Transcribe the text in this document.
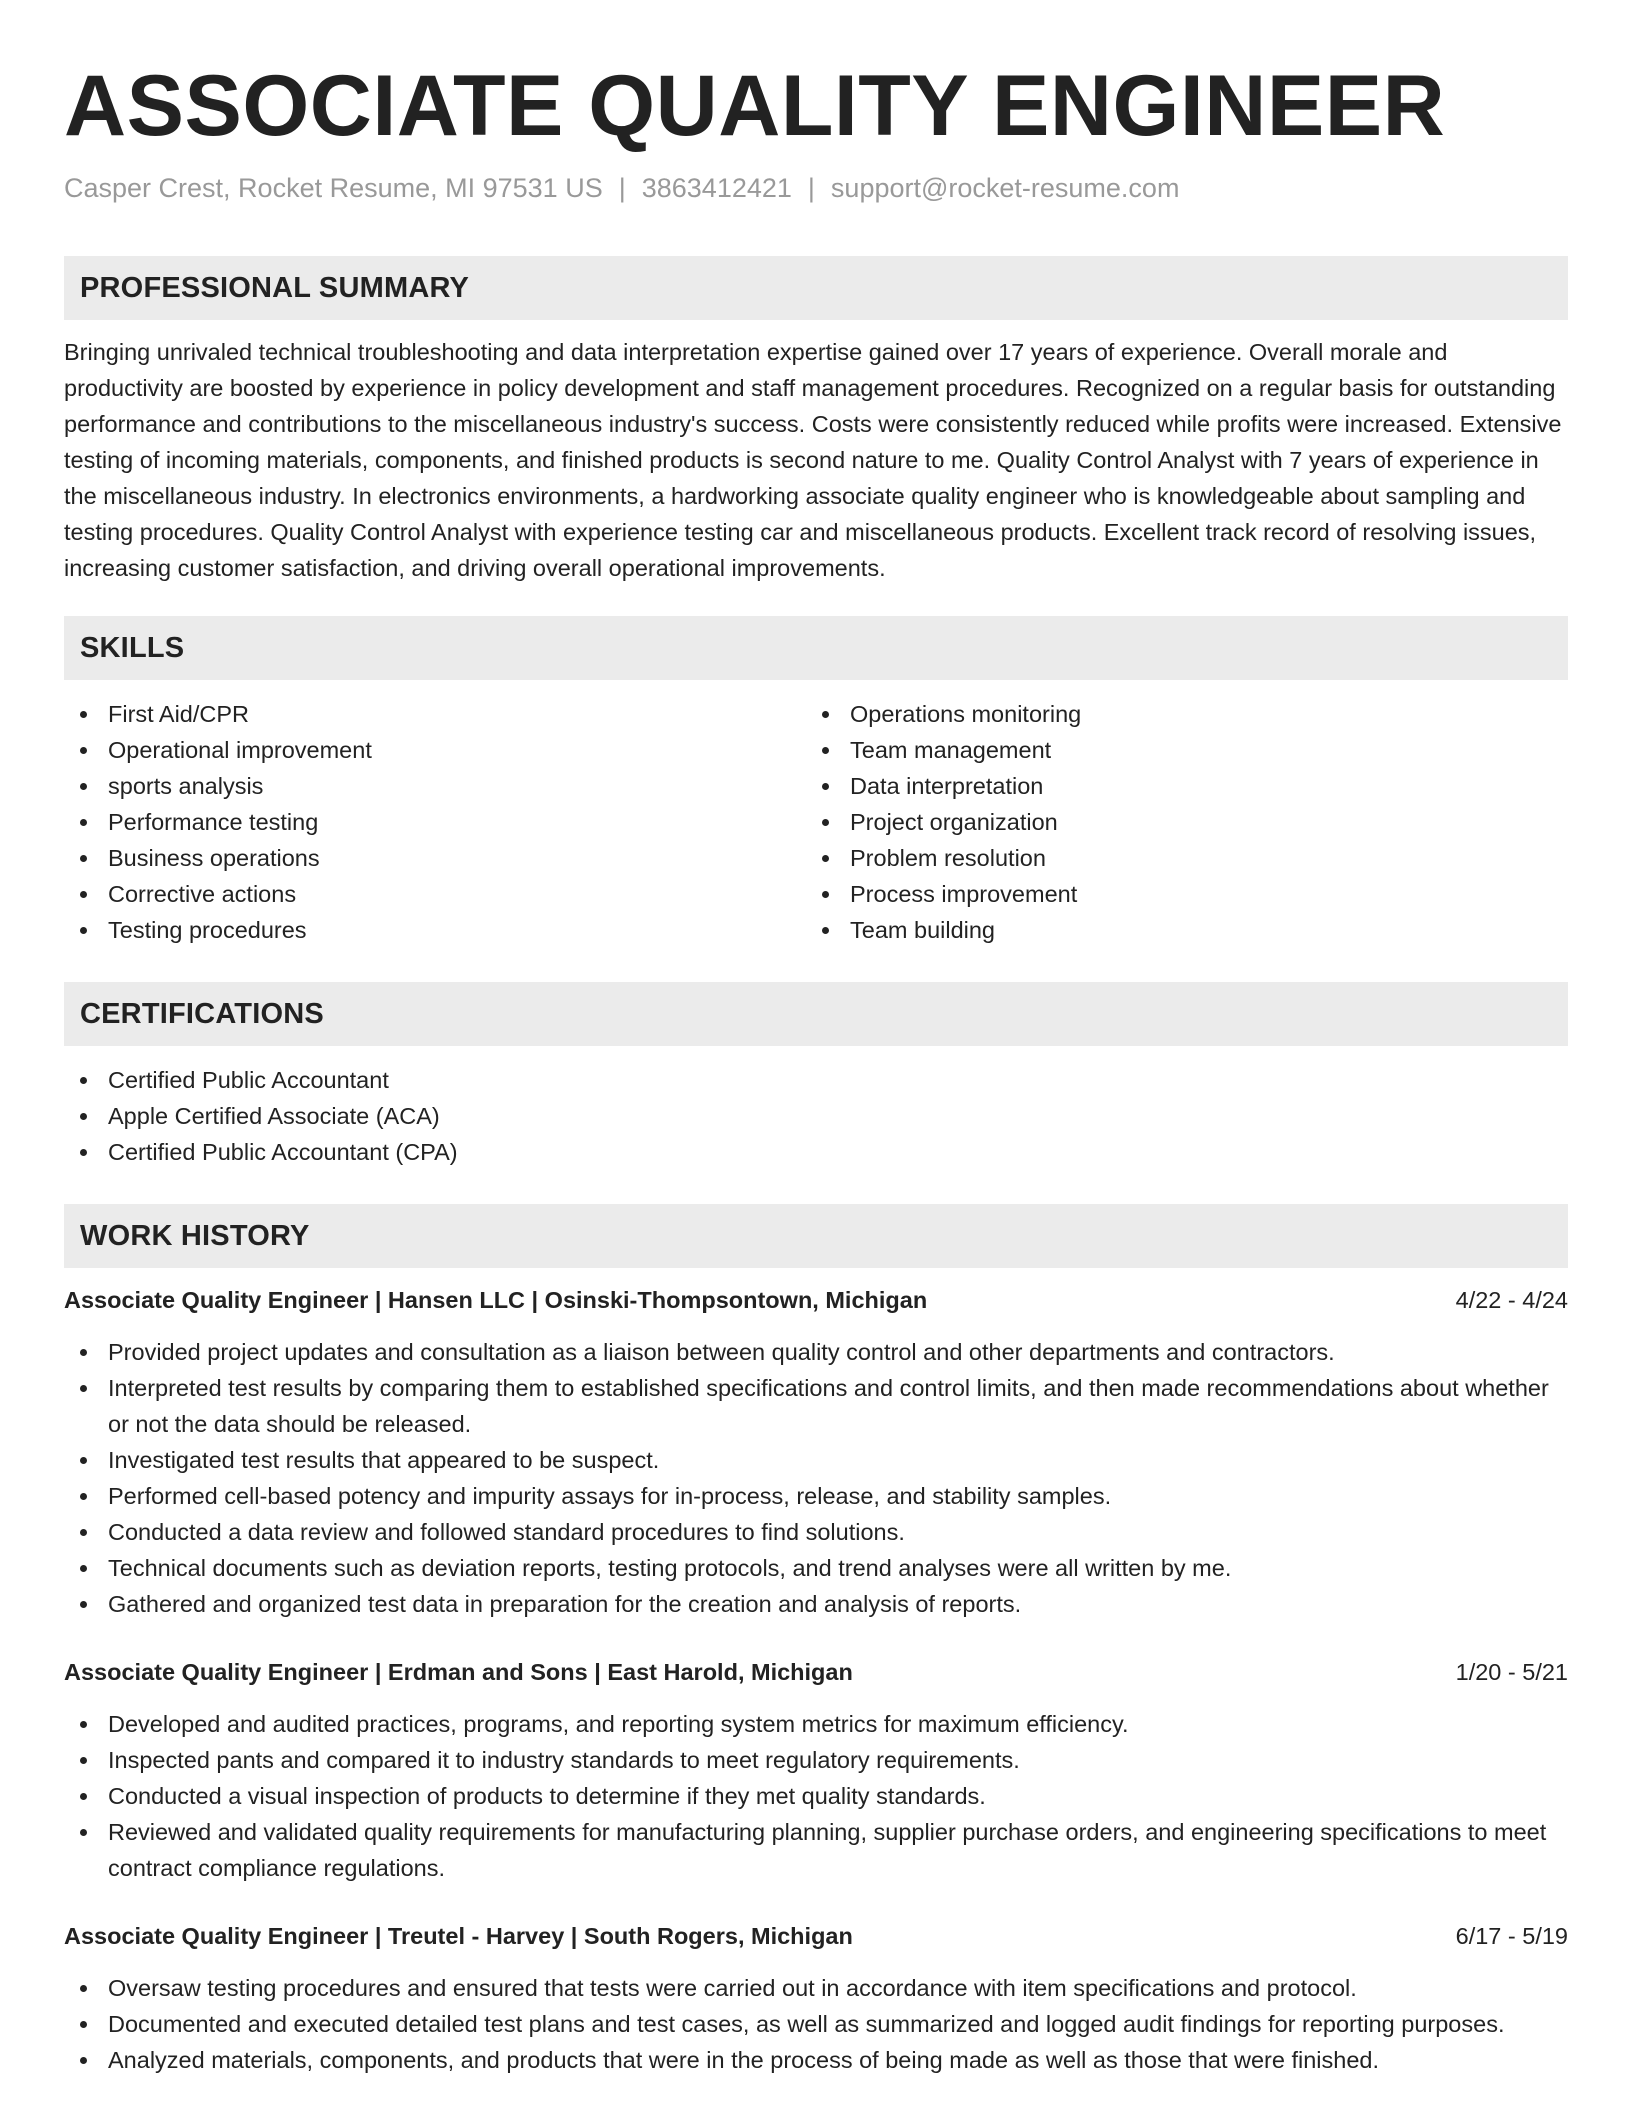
ASSOCIATE QUALITY ENGINEER
Casper Crest, Rocket Resume, MI 97531 US | 3863412421 | support@rocket-resume.com
PROFESSIONAL SUMMARY

Bringing unrivaled technical troubleshooting and data interpretation expertise gained over 17 years of experience. Overall morale and productivity are boosted by experience in policy development and staff management procedures. Recognized on a regular basis for outstanding performance and contributions to the miscellaneous industry's success. Costs were consistently reduced while profits were increased. Extensive testing of incoming materials, components, and finished products is second nature to me. Quality Control Analyst with 7 years of experience in the miscellaneous industry. In electronics environments, a hardworking associate quality engineer who is knowledgeable about sampling and testing procedures. Quality Control Analyst with experience testing car and miscellaneous products. Excellent track record of resolving issues, increasing customer satisfaction, and driving overall operational improvements.

SKILLS
First Aid/CPR
Operational improvement
sports analysis
Performance testing
Business operations
Corrective actions
Testing procedures
Operations monitoring
Team management
Data interpretation
Project organization
Problem resolution
Process improvement
Team building
CERTIFICATIONS
Certified Public Accountant
Apple Certified Associate (ACA)
Certified Public Accountant (CPA)
WORK HISTORY
Associate Quality Engineer | Hansen LLC | Osinski-Thompsontown, Michigan	4/22 - 4/24
Provided project updates and consultation as a liaison between quality control and other departments and contractors.
Interpreted test results by comparing them to established specifications and control limits, and then made recommendations about whether or not the data should be released.
Investigated test results that appeared to be suspect.
Performed cell-based potency and impurity assays for in-process, release, and stability samples.
Conducted a data review and followed standard procedures to find solutions.
Technical documents such as deviation reports, testing protocols, and trend analyses were all written by me.
Gathered and organized test data in preparation for the creation and analysis of reports.
Associate Quality Engineer | Erdman and Sons | East Harold, Michigan	1/20 - 5/21
Developed and audited practices, programs, and reporting system metrics for maximum efficiency.
Inspected pants and compared it to industry standards to meet regulatory requirements.
Conducted a visual inspection of products to determine if they met quality standards.
Reviewed and validated quality requirements for manufacturing planning, supplier purchase orders, and engineering specifications to meet contract compliance regulations.
Associate Quality Engineer | Treutel - Harvey | South Rogers, Michigan	6/17 - 5/19
Oversaw testing procedures and ensured that tests were carried out in accordance with item specifications and protocol.
Documented and executed detailed test plans and test cases, as well as summarized and logged audit findings for reporting purposes.
Analyzed materials, components, and products that were in the process of being made as well as those that were finished.
